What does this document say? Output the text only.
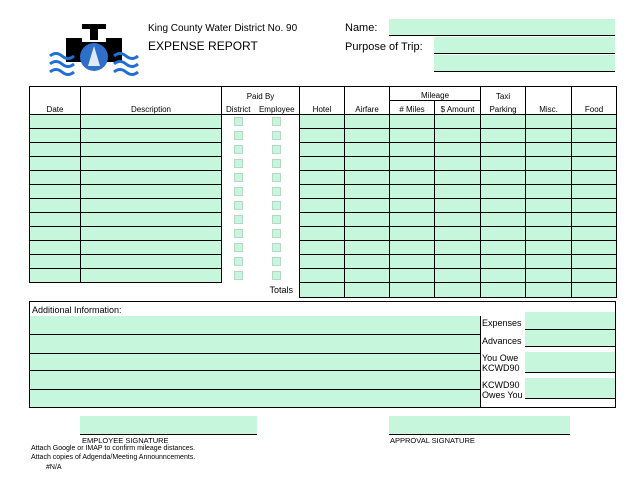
King County Water District No. 90
EXPENSE REPORT
Name:
Purpose of Trip:
		Paid By				Mileage		Taxi		
Date	Description	District	Employee	Hotel	Airfare	# Miles	$ Amount	Parking	Misc.	Food

Totals										
Additional Information:
Expenses
Advances
You Owe
KCWD90
KCWD90
Owes You
EMPLOYEE SIGNATURE	APPROVAL SIGNATURE
Attach Google or IMAP to confirm mileage distances.
Attach copies of Adgenda/Meeting Announncements.
#N/A
